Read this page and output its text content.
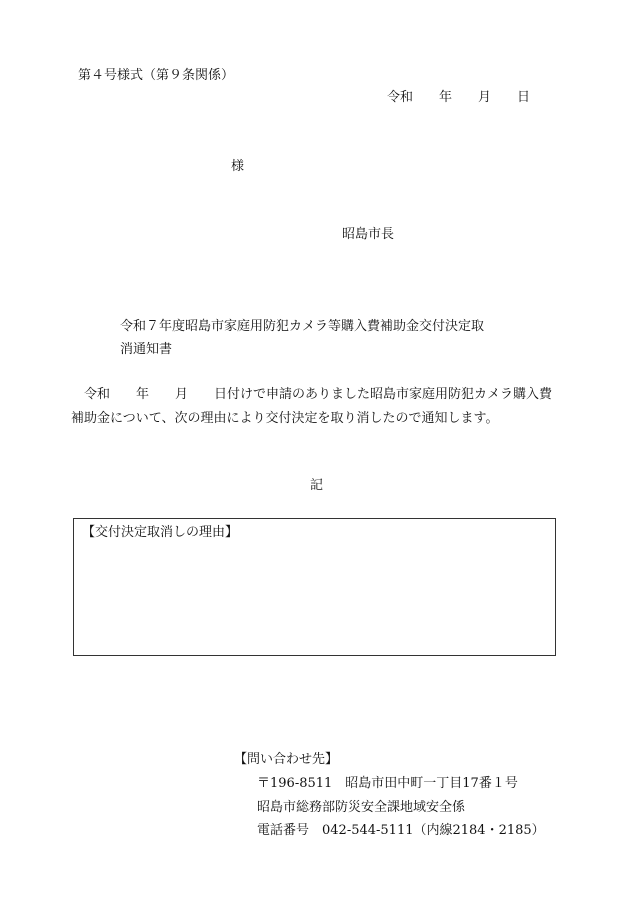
第４号様式（第９条関係）
令和　　年　　月　　日
様
昭島市長
令和７年度昭島市家庭用防犯カメラ等購入費補助金交付決定取
消通知書
　令和　　年　　月　　日付けで申請のありました昭島市家庭用防犯カメラ購入費補助金について、次の理由により交付決定を取り消したので通知します。
記
【交付決定取消しの理由】
【問い合わせ先】
〒196-8511　昭島市田中町一丁目17番１号
昭島市総務部防災安全課地域安全係
電話番号　042-544-5111（内線2184・2185）
